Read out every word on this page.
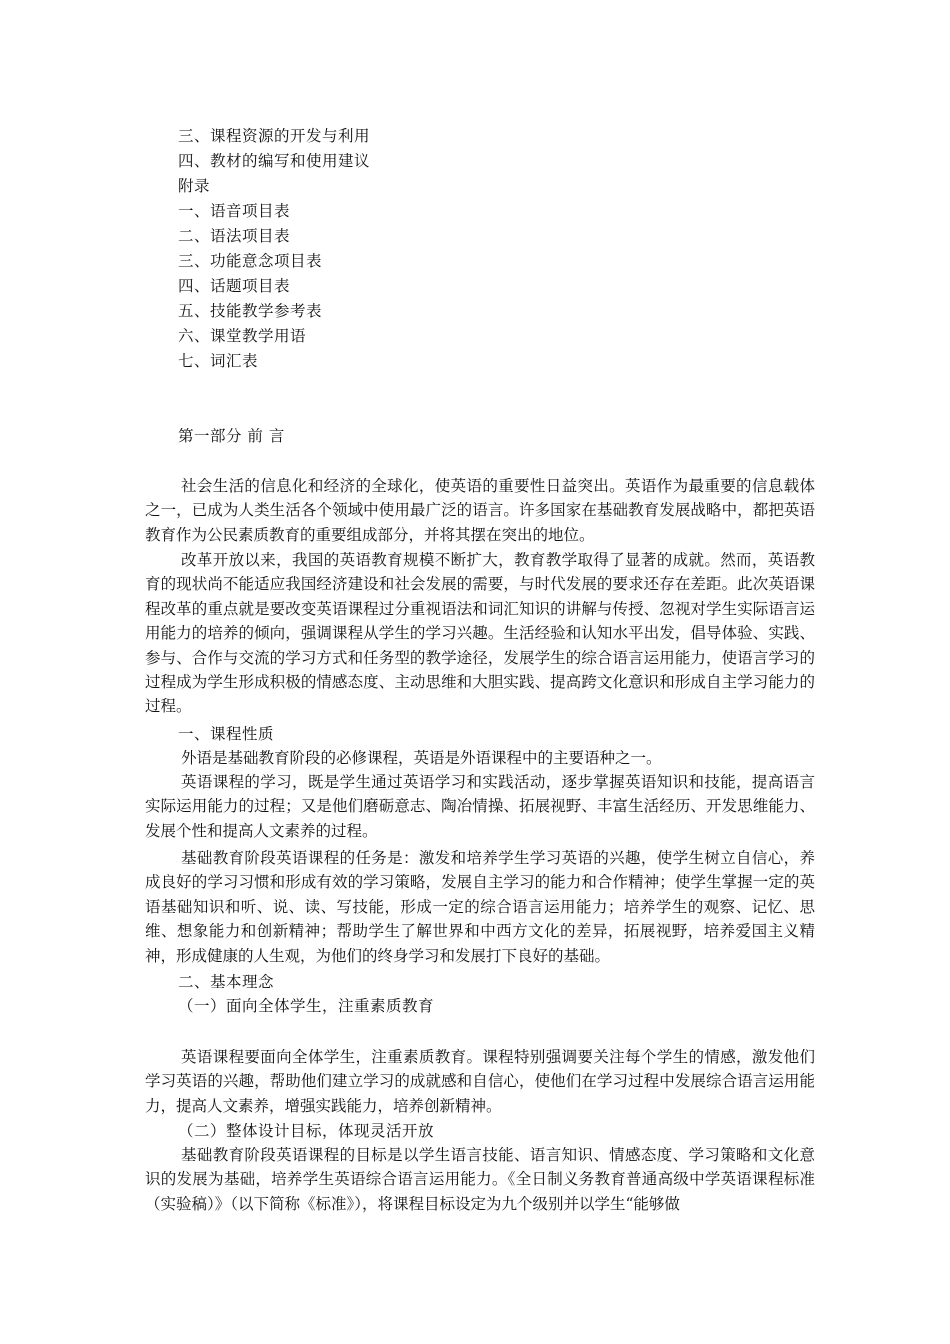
三、课程资源的开发与利用
四、教材的编写和使用建议
附录
一、语音项目表
二、语法项目表
三、功能意念项目表
四、话题项目表
五、技能教学参考表
六、课堂教学用语
七、词汇表
第一部分 前 言

社会生活的信息化和经济的全球化，使英语的重要性日益突出。英语作为最重要的信息载体之一，已成为人类生活各个领域中使用最广泛的语言。许多国家在基础教育发展战略中，都把英语教育作为公民素质教育的重要组成部分，并将其摆在突出的地位。

改革开放以来，我国的英语教育规模不断扩大，教育教学取得了显著的成就。然而，英语教育的现状尚不能适应我国经济建设和社会发展的需要，与时代发展的要求还存在差距。此次英语课程改革的重点就是要改变英语课程过分重视语法和词汇知识的讲解与传授、忽视对学生实际语言运用能力的培养的倾向，强调课程从学生的学习兴趣。生活经验和认知水平出发，倡导体验、实践、参与、合作与交流的学习方式和任务型的教学途径，发展学生的综合语言运用能力，使语言学习的过程成为学生形成积极的情感态度、主动思维和大胆实践、提高跨文化意识和形成自主学习能力的过程。

一、课程性质

外语是基础教育阶段的必修课程，英语是外语课程中的主要语种之一。

英语课程的学习，既是学生通过英语学习和实践活动，逐步掌握英语知识和技能，提高语言实际运用能力的过程；又是他们磨砺意志、陶冶情操、拓展视野、丰富生活经历、开发思维能力、发展个性和提高人文素养的过程。

基础教育阶段英语课程的任务是：激发和培养学生学习英语的兴趣，使学生树立自信心，养成良好的学习习惯和形成有效的学习策略，发展自主学习的能力和合作精神；使学生掌握一定的英语基础知识和听、说、读、写技能，形成一定的综合语言运用能力；培养学生的观察、记忆、思维、想象能力和创新精神；帮助学生了解世界和中西方文化的差异，拓展视野，培养爱国主义精神，形成健康的人生观，为他们的终身学习和发展打下良好的基础。

二、基本理念
（一）面向全体学生，注重素质教育

英语课程要面向全体学生，注重素质教育。课程特别强调要关注每个学生的情感，激发他们学习英语的兴趣，帮助他们建立学习的成就感和自信心，使他们在学习过程中发展综合语言运用能力，提高人文素养，增强实践能力，培养创新精神。

（二）整体设计目标，体现灵活开放

基础教育阶段英语课程的目标是以学生语言技能、语言知识、情感态度、学习策略和文化意识的发展为基础，培养学生英语综合语言运用能力。《全日制义务教育普通高级中学英语课程标准（实验稿）》（以下简称《标准》），将课程目标设定为九个级别并以学生“能够做
